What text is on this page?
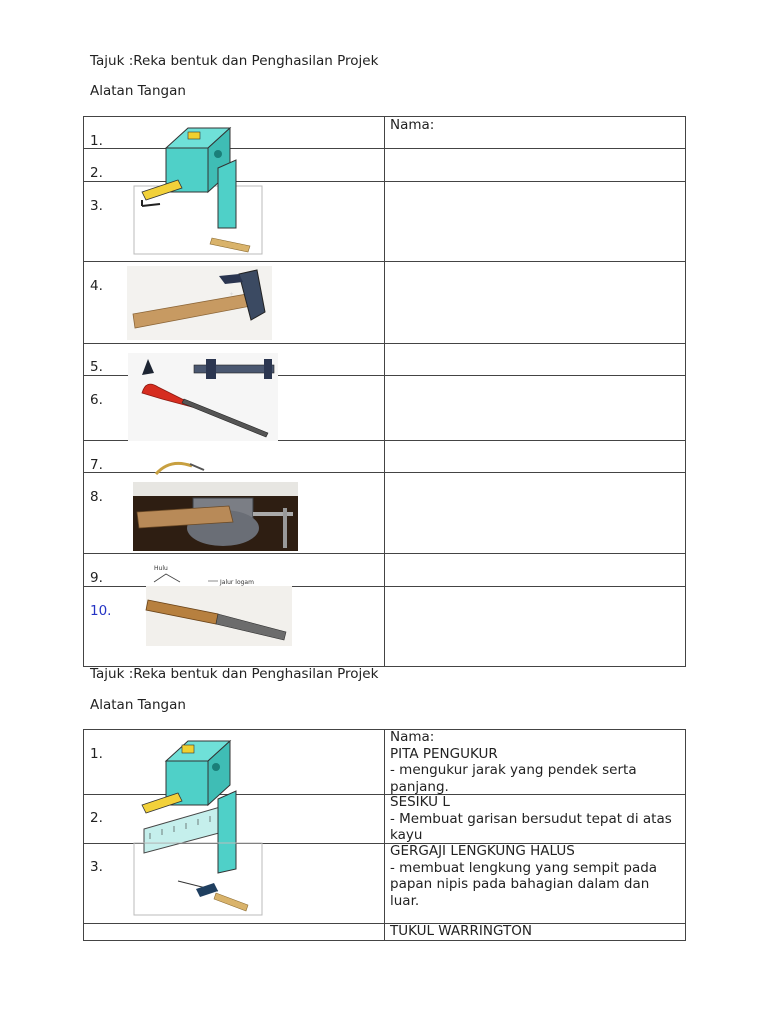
Tajuk :Reka bentuk dan Penghasilan Projek
Alatan Tangan
Nama:
1.
2.
3.
4.
5.
6.
7.
8.
9.
10.
✦
Hulu
Jalur logam
Tajuk :Reka bentuk dan Penghasilan Projek
Alatan Tangan
1.
2.
3.
Nama:
PITA PENGUKUR
- mengukur jarak yang pendek serta panjang.
SESIKU L
- Membuat garisan bersudut tepat di atas kayu
GERGAJI LENGKUNG HALUS
- membuat lengkung yang sempit pada papan nipis pada bahagian dalam dan luar.
TUKUL WARRINGTON
